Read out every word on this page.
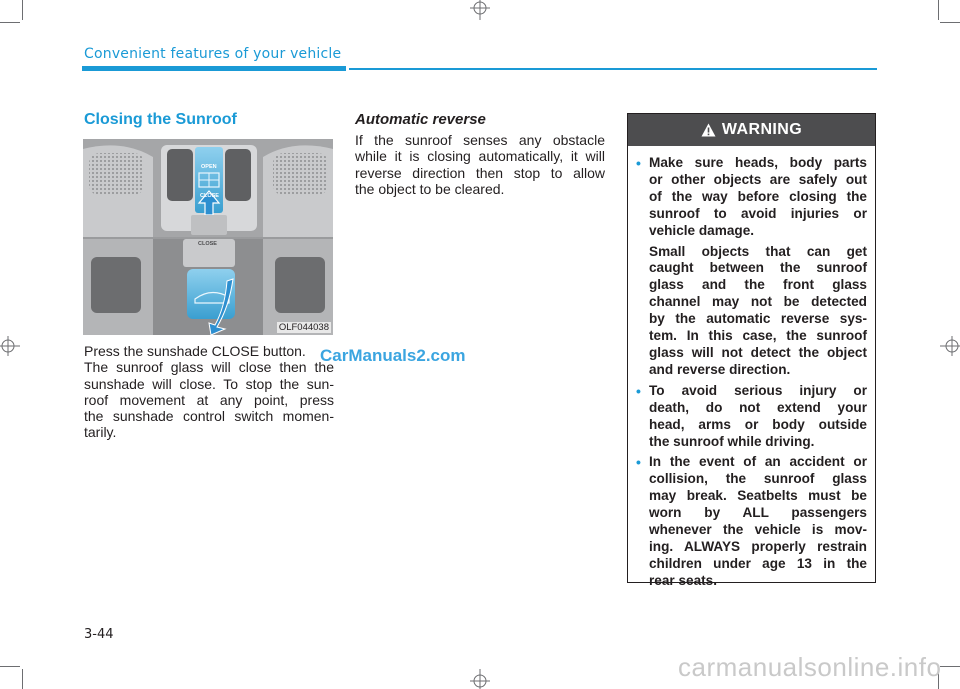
Convenient features of your vehicle
Closing the Sunroof
OPEN
CLOSE
CLOSE
OLF044038
Press the sunshade CLOSE button.
The sunroof glass will close then the
sunshade will close. To stop the sun-
roof movement at any point, press
the sunshade control switch momen-
tarily.
Automatic reverse
If the sunroof senses any obstacle
while it is closing automatically, it will
reverse direction then stop to allow
the object to be cleared.
WARNING
• Make sure heads, body parts
or other objects are safely out
of the way before closing the
sunroof to avoid injuries or
vehicle damage.

Small objects that can get
caught between the sunroof
glass and the front glass
channel may not be detected
by the automatic reverse sys-
tem. In this case, the sunroof
glass will not detect the object
and reverse direction.

• To avoid serious injury or
death, do not extend your
head, arms or body outside
the sunroof while driving.

• In the event of an accident or
collision, the sunroof glass
may break. Seatbelts must be
worn by ALL passengers
whenever the vehicle is mov-
ing. ALWAYS properly restrain
children under age 13 in the
rear seats.

CarManuals2.com
carmanualsonline.info
3-44
